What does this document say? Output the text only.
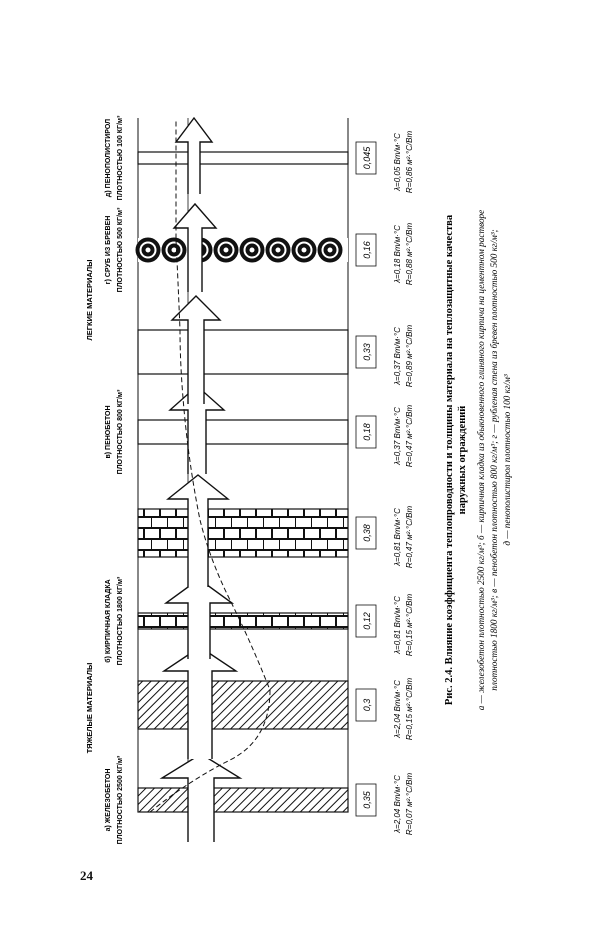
24
0,35	λ=2,04 Вт/м·°С R=0,07 м²·°С/Вт
а) ЖЕЛЕЗОБЕТОН ПЛОТНОСТЬЮ 2500 КГ/м³
0,3	λ=2,04 Вт/м·°С R=0,15 м²·°С/Вт
0,12	λ=0,81 Вт/м·°С R=0,15 м²·°С/Вт
б) КИРПИЧНАЯ КЛАДКА ПЛОТНОСТЬЮ 1800 КГ/м³
0,38	λ=0,81 Вт/м·°С R=0,47 м²·°С/Вт
0,18	λ=0,37 Вт/м·°С R=0,47 м²·°С/Вт
в) ПЕНОБЕТОН ПЛОТНОСТЬЮ 800 КГ/м³
0,33	λ=0,37 Вт/м·°С R=0,89 м²·°С/Вт
0,16	λ=0,18 Вт/м·°С R=0,88 м²·°С/Вт
г) СРУБ ИЗ БРЕВЕН ПЛОТНОСТЬЮ 500 КГ/м³
0,045	λ=0,05 Вт/м·°С R=0,86 м²·°С/Вт
д) ПЕНОПОЛИСТИРОЛ ПЛОТНОСТЬЮ 100 КГ/м³
ТЯЖЕЛЫЕ МАТЕРИАЛЫ
ЛЕГКИЕ МАТЕРИАЛЫ	Рис. 2.4. Влияние коэффициента теплопроводности и толщины материала на теплозащитные качества наружных ограждений а — железобетон плотностью 2500 кг/м³; б — кирпичная кладка из обыкновенного глиняного кирпича на цементном растворе плотностью 1800 кг/м³; в — пенобетон плотностью 800 кг/м³; г — рубленая стена из бревен плотностью 500 кг/м³; д — пенополистирол плотностью 100 кг/м³
